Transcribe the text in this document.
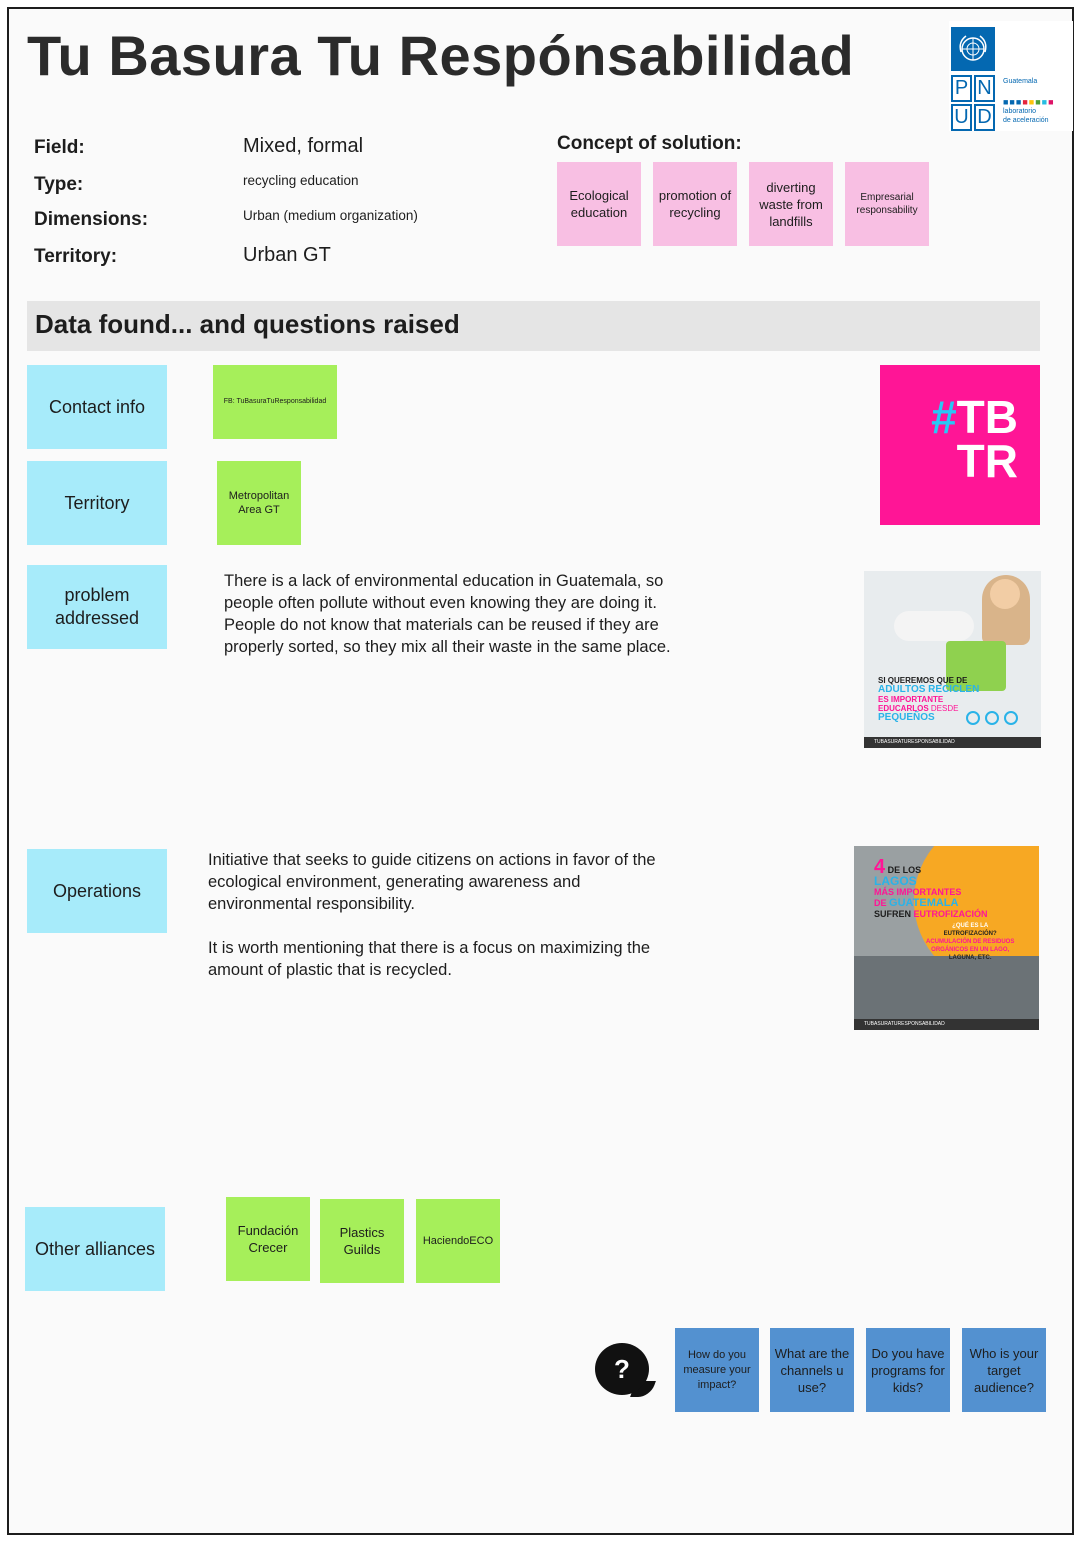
Tu Basura Tu Respónsabilidad
P N
U D
Guatemala
■■■■■■■■
laboratorio
de aceleración
Field:	Mixed, formal
Type:	recycling education
Dimensions:	Urban (medium organization)
Territory:	Urban GT
Concept of solution:
Ecological education
promotion of recycling
diverting waste from landfills
Empresarial responsability
Data found... and questions raised
Contact info	FB: TuBasuraTuResponsabilidad
Territory	Metropolitan Area GT
problem addressed
There is a lack of environmental education in Guatemala, so
people often pollute without even knowing they are doing it.
People do not know that materials can be reused if they are
properly sorted, so they mix all their waste in the same place.
Operations
Initiative that seeks to guide citizens on actions in favor of the
ecological environment, generating awareness and
environmental responsibility.
It is worth mentioning that there is a focus on maximizing the
amount of plastic that is recycled.
Other alliances
Fundación Crecer
Plastics Guilds
HaciendoECO
#TB
TR
SI QUEREMOS QUE DE
ADULTOS RECICLEN
ES IMPORTANTE
EDUCARLOS DESDE
PEQUEÑOS
TUBASURATURESPONSABILIDAD
4 DE LOS
LAGOS
MÁS IMPORTANTES
DE GUATEMALA
SUFREN EUTROFIZACIÓN
¿QUÉ ES LA
EUTROFIZACIÓN?
ACUMULACIÓN DE RESIDUOS
ORGÁNICOS EN UN LAGO,
LAGUNA, ETC.
TUBASURATURESPONSABILIDAD
?	How do you measure your impact?
What are the channels u use?
Do you have programs for kids?
Who is your target audience?
